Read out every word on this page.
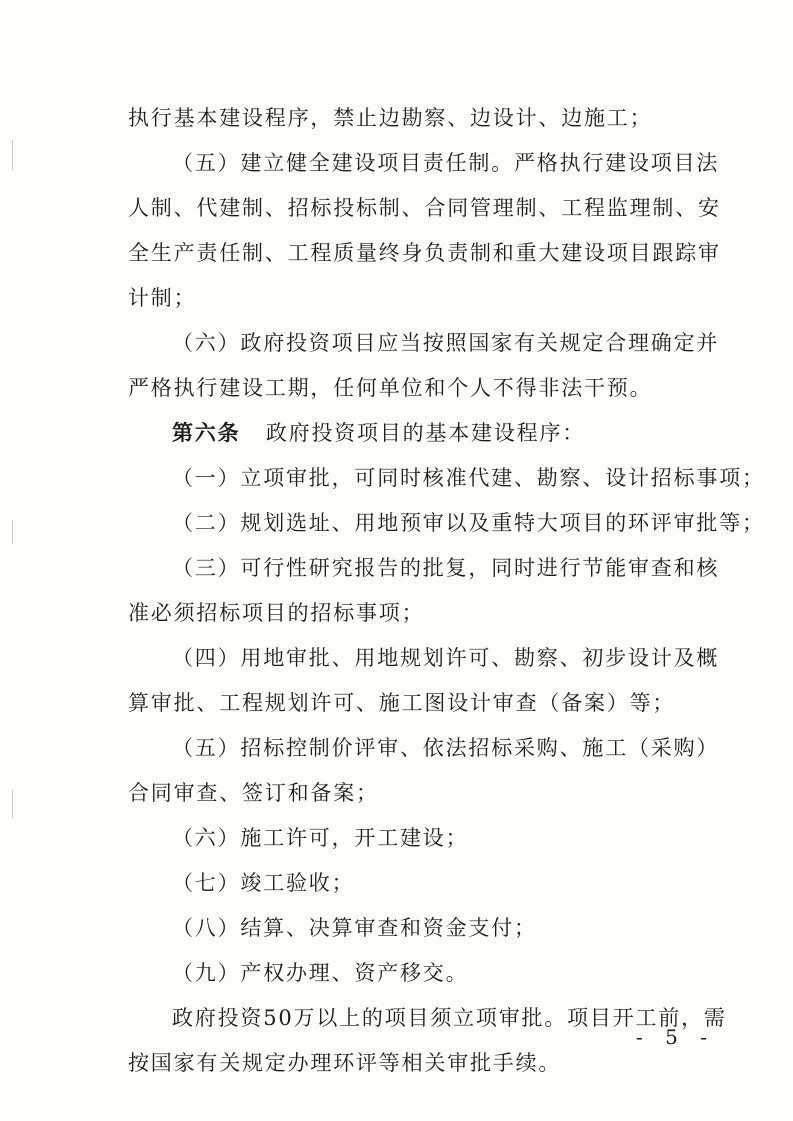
执行基本建设程序，禁止边勘察、边设计、边施工；
（五）建立健全建设项目责任制。严格执行建设项目法
人制、代建制、招标投标制、合同管理制、工程监理制、安
全生产责任制、工程质量终身负责制和重大建设项目跟踪审
计制；
（六）政府投资项目应当按照国家有关规定合理确定并
严格执行建设工期，任何单位和个人不得非法干预。
第六条 政府投资项目的基本建设程序：
（一）立项审批，可同时核准代建、勘察、设计招标事项；
（二）规划选址、用地预审以及重特大项目的环评审批等；
（三）可行性研究报告的批复，同时进行节能审查和核
准必须招标项目的招标事项；
（四）用地审批、用地规划许可、勘察、初步设计及概
算审批、工程规划许可、施工图设计审查（备案）等；
（五）招标控制价评审、依法招标采购、施工（采购）
合同审查、签订和备案；
（六）施工许可，开工建设；
（七）竣工验收；
（八）结算、决算审查和资金支付；
（九）产权办理、资产移交。
政府投资50万以上的项目须立项审批。项目开工前，需
按国家有关规定办理环评等相关审批手续。
- 5 -
